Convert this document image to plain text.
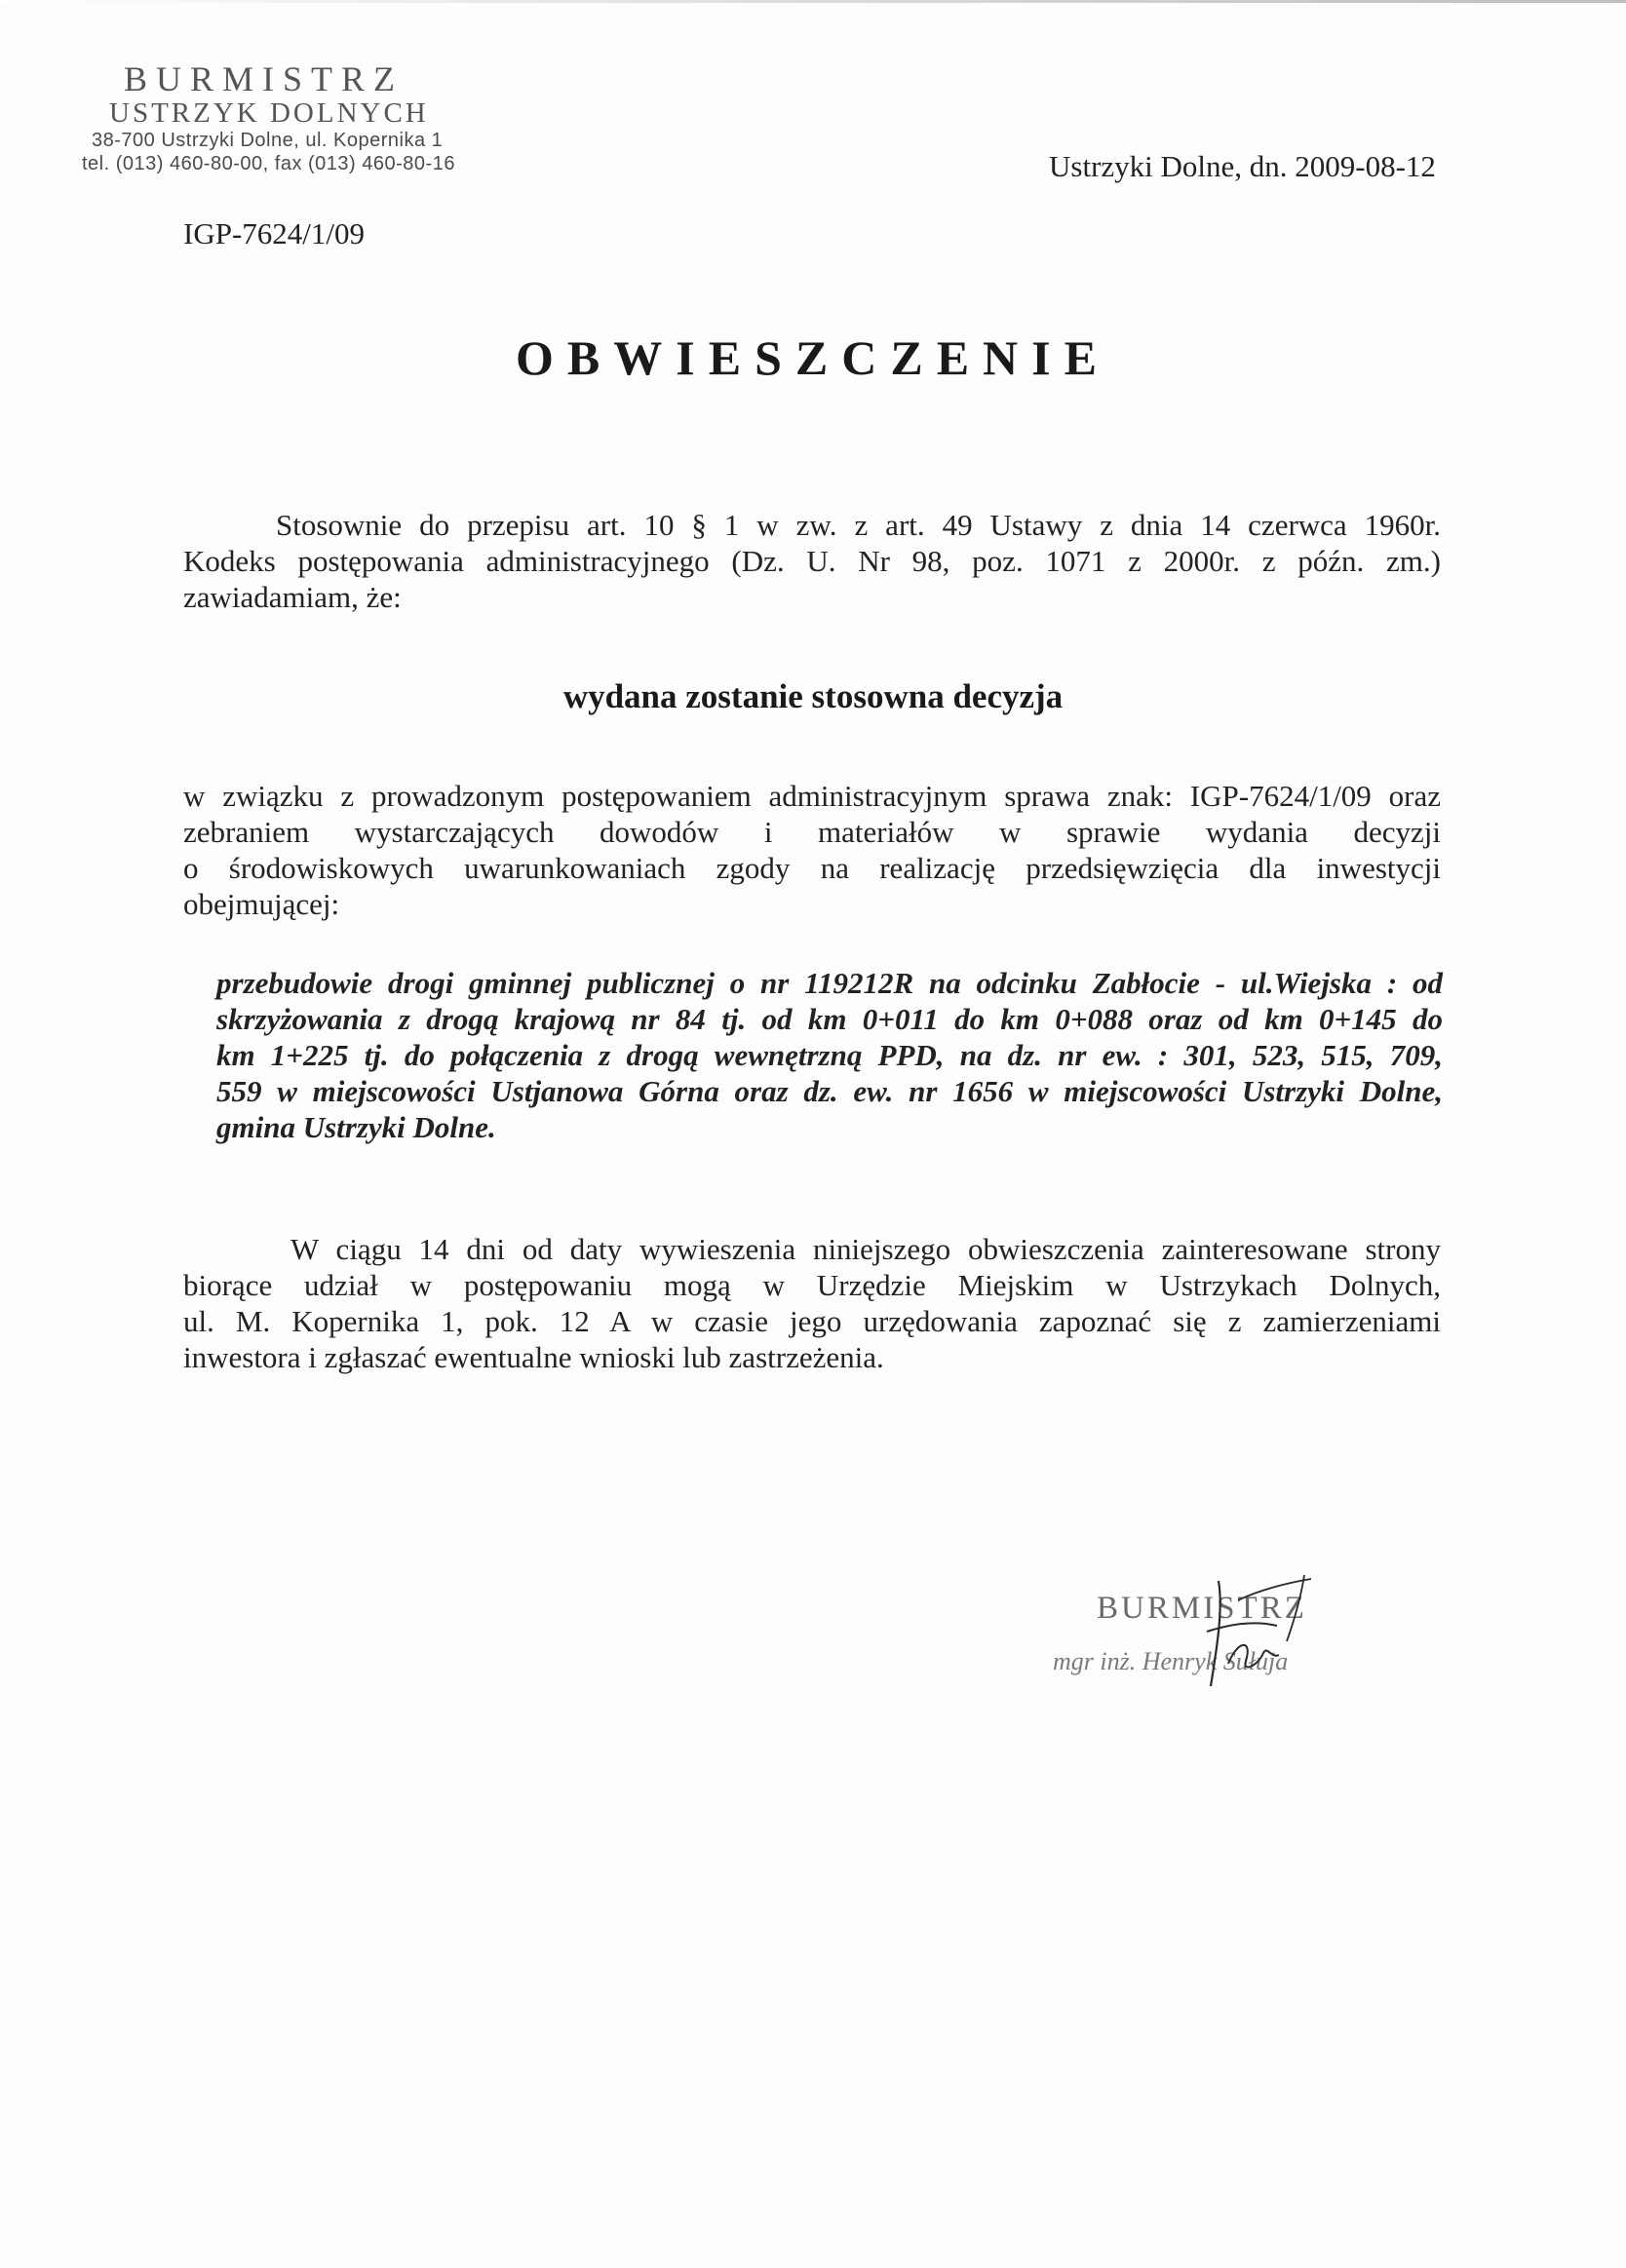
BURMISTRZ
USTRZYK DOLNYCH
38-700 Ustrzyki Dolne, ul. Kopernika 1
tel. (013) 460-80-00, fax (013) 460-80-16	Ustrzyki Dolne, dn. 2009-08-12
IGP-7624/1/09
OBWIESZCZENIE
Stosownie do przepisu art. 10 § 1 w zw. z art. 49 Ustawy z dnia 14 czerwca 1960r.
Kodeks postępowania administracyjnego (Dz. U. Nr 98, poz. 1071 z 2000r. z późn. zm.)
zawiadamiam, że:
wydana zostanie stosowna decyzja
w związku z prowadzonym postępowaniem administracyjnym sprawa znak: IGP-7624/1/09 oraz
zebraniem wystarczających dowodów i materiałów w sprawie wydania decyzji
o środowiskowych uwarunkowaniach zgody na realizację przedsięwzięcia dla inwestycji
obejmującej:
przebudowie drogi gminnej publicznej o nr 119212R na odcinku Zabłocie - ul.Wiejska : od
skrzyżowania z drogą krajową nr 84 tj. od km 0+011 do km 0+088 oraz od km 0+145 do
km 1+225 tj. do połączenia z drogą wewnętrzną PPD, na dz. nr ew. : 301, 523, 515, 709,
559 w miejscowości Ustjanowa Górna oraz dz. ew. nr 1656 w miejscowości Ustrzyki Dolne,
gmina Ustrzyki Dolne.
W ciągu 14 dni od daty wywieszenia niniejszego obwieszczenia zainteresowane strony
biorące udział w postępowaniu mogą w Urzędzie Miejskim w Ustrzykach Dolnych,
ul. M. Kopernika 1, pok. 12 A w czasie jego urzędowania zapoznać się z zamierzeniami
inwestora i zgłaszać ewentualne wnioski lub zastrzeżenia.
BURMISTRZ
mgr inż. Henryk Sułuja
